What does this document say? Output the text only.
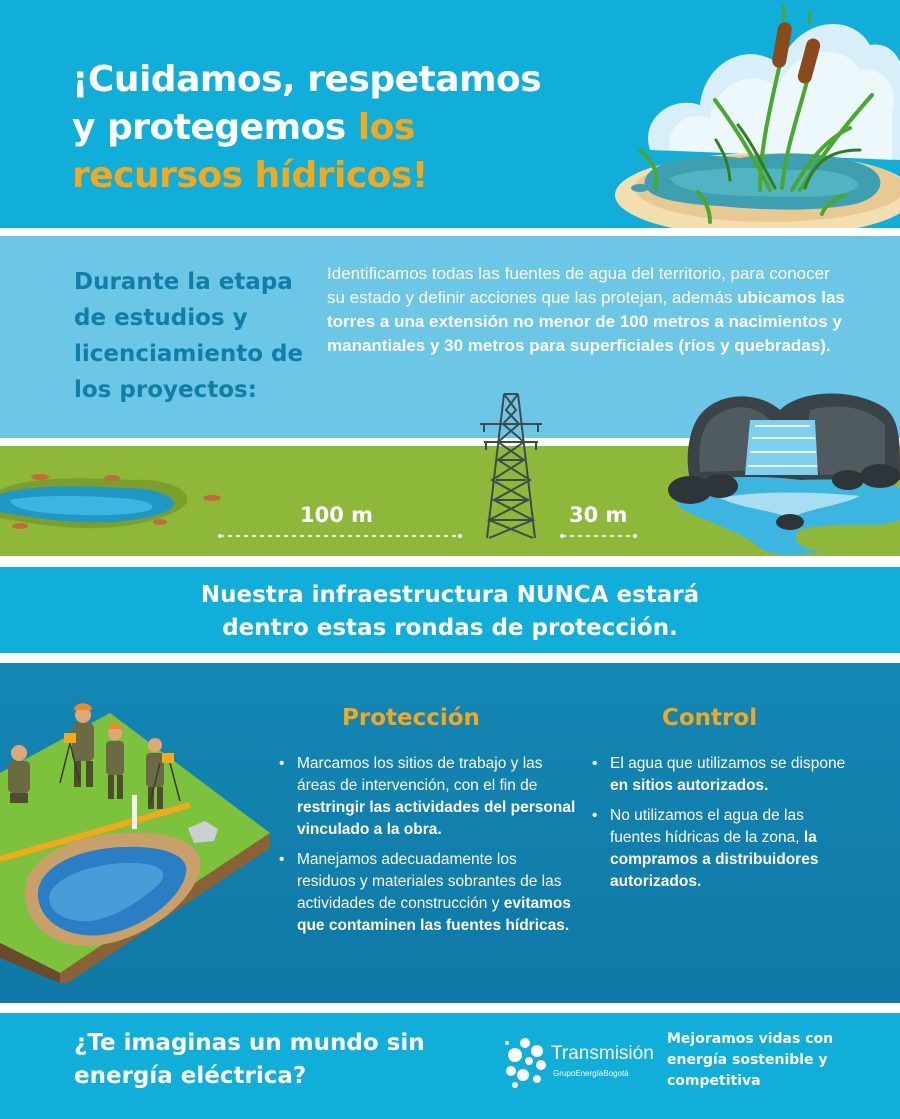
¡Cuidamos, respetamos
y protegemos los
recursos hídricos!
Durante la etapa de estudios y licenciamiento de los proyectos:

Identificamos todas las fuentes de agua del territorio, para conocer su estado y definir acciones que las protejan, además ubicamos las torres a una extensión no menor de 100 metros a nacimientos y manantiales y 30 metros para superficiales (ríos y quebradas).

100 m	30 m

Nuestra infraestructura NUNCA estará
dentro estas rondas de protección.

Protección
• Marcamos los sitios de trabajo y las áreas de intervención, con el fin de restringir las actividades del personal vinculado a la obra.
• Manejamos adecuadamente los residuos y materiales sobrantes de las actividades de construcción y evitamos que contaminen las fuentes hídricas.
Control
• El agua que utilizamos se dispone en sitios autorizados.
• No utilizamos el agua de las fuentes hídricas de la zona, la compramos a distribuidores autorizados.

¿Te imaginas un mundo sin energía eléctrica?

Transmisión
GrupoEnergíaBogotá

Mejoramos vidas con energía sostenible y competitiva
